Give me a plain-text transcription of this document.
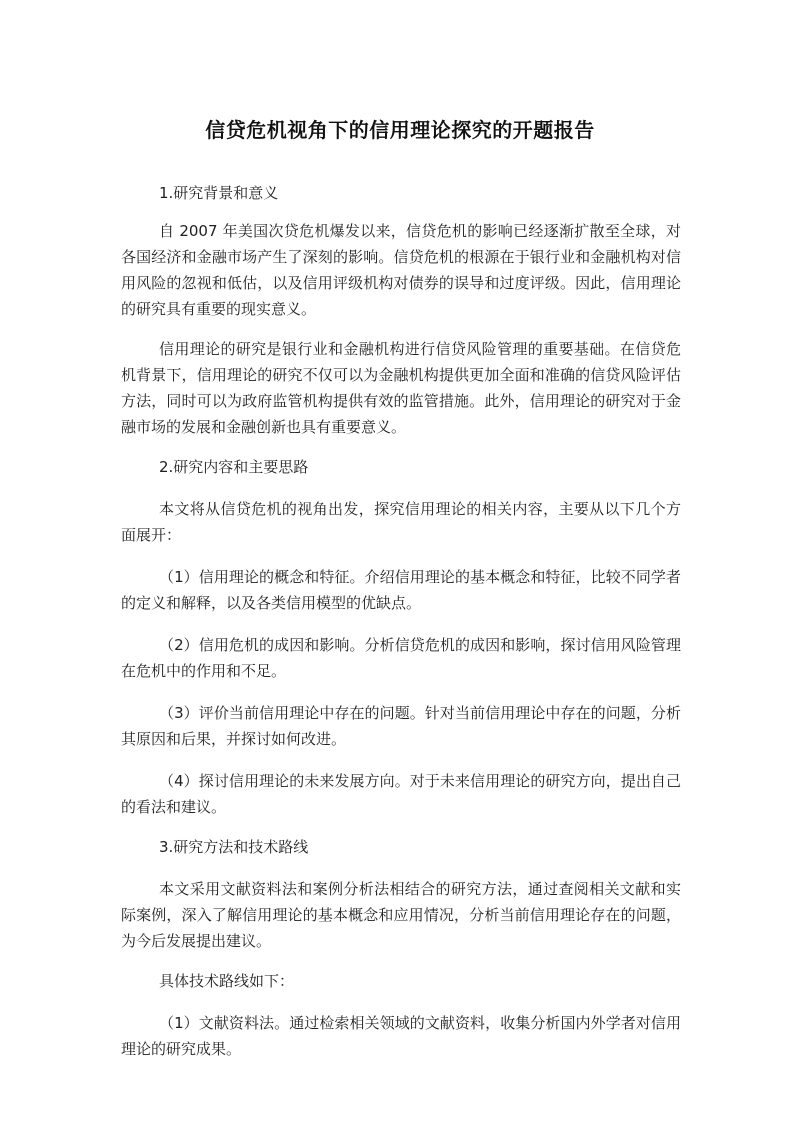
信贷危机视角下的信用理论探究的开题报告

1.研究背景和意义

自 2007 年美国次贷危机爆发以来，信贷危机的影响已经逐渐扩散至全球，对各国经济和金融市场产生了深刻的影响。信贷危机的根源在于银行业和金融机构对信用风险的忽视和低估，以及信用评级机构对债券的误导和过度评级。因此，信用理论的研究具有重要的现实意义。

信用理论的研究是银行业和金融机构进行信贷风险管理的重要基础。在信贷危机背景下，信用理论的研究不仅可以为金融机构提供更加全面和准确的信贷风险评估方法，同时可以为政府监管机构提供有效的监管措施。此外，信用理论的研究对于金融市场的发展和金融创新也具有重要意义。

2.研究内容和主要思路

本文将从信贷危机的视角出发，探究信用理论的相关内容，主要从以下几个方面展开：

（1）信用理论的概念和特征。介绍信用理论的基本概念和特征，比较不同学者的定义和解释，以及各类信用模型的优缺点。

（2）信用危机的成因和影响。分析信贷危机的成因和影响，探讨信用风险管理在危机中的作用和不足。

（3）评价当前信用理论中存在的问题。针对当前信用理论中存在的问题，分析其原因和后果，并探讨如何改进。

（4）探讨信用理论的未来发展方向。对于未来信用理论的研究方向，提出自己的看法和建议。

3.研究方法和技术路线

本文采用文献资料法和案例分析法相结合的研究方法，通过查阅相关文献和实际案例，深入了解信用理论的基本概念和应用情况，分析当前信用理论存在的问题，为今后发展提出建议。

具体技术路线如下：

（1）文献资料法。通过检索相关领域的文献资料，收集分析国内外学者对信用理论的研究成果。
